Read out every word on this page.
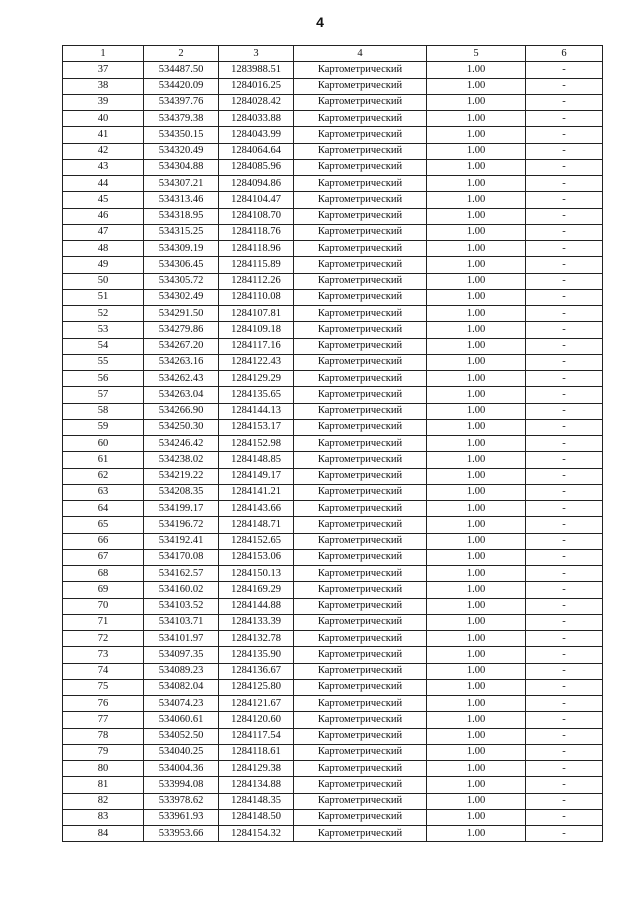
4
1	2	3	4	5	6
37	534487.50	1283988.51	Картометрический	1.00	-
38	534420.09	1284016.25	Картометрический	1.00	-
39	534397.76	1284028.42	Картометрический	1.00	-
40	534379.38	1284033.88	Картометрический	1.00	-
41	534350.15	1284043.99	Картометрический	1.00	-
42	534320.49	1284064.64	Картометрический	1.00	-
43	534304.88	1284085.96	Картометрический	1.00	-
44	534307.21	1284094.86	Картометрический	1.00	-
45	534313.46	1284104.47	Картометрический	1.00	-
46	534318.95	1284108.70	Картометрический	1.00	-
47	534315.25	1284118.76	Картометрический	1.00	-
48	534309.19	1284118.96	Картометрический	1.00	-
49	534306.45	1284115.89	Картометрический	1.00	-
50	534305.72	1284112.26	Картометрический	1.00	-
51	534302.49	1284110.08	Картометрический	1.00	-
52	534291.50	1284107.81	Картометрический	1.00	-
53	534279.86	1284109.18	Картометрический	1.00	-
54	534267.20	1284117.16	Картометрический	1.00	-
55	534263.16	1284122.43	Картометрический	1.00	-
56	534262.43	1284129.29	Картометрический	1.00	-
57	534263.04	1284135.65	Картометрический	1.00	-
58	534266.90	1284144.13	Картометрический	1.00	-
59	534250.30	1284153.17	Картометрический	1.00	-
60	534246.42	1284152.98	Картометрический	1.00	-
61	534238.02	1284148.85	Картометрический	1.00	-
62	534219.22	1284149.17	Картометрический	1.00	-
63	534208.35	1284141.21	Картометрический	1.00	-
64	534199.17	1284143.66	Картометрический	1.00	-
65	534196.72	1284148.71	Картометрический	1.00	-
66	534192.41	1284152.65	Картометрический	1.00	-
67	534170.08	1284153.06	Картометрический	1.00	-
68	534162.57	1284150.13	Картометрический	1.00	-
69	534160.02	1284169.29	Картометрический	1.00	-
70	534103.52	1284144.88	Картометрический	1.00	-
71	534103.71	1284133.39	Картометрический	1.00	-
72	534101.97	1284132.78	Картометрический	1.00	-
73	534097.35	1284135.90	Картометрический	1.00	-
74	534089.23	1284136.67	Картометрический	1.00	-
75	534082.04	1284125.80	Картометрический	1.00	-
76	534074.23	1284121.67	Картометрический	1.00	-
77	534060.61	1284120.60	Картометрический	1.00	-
78	534052.50	1284117.54	Картометрический	1.00	-
79	534040.25	1284118.61	Картометрический	1.00	-
80	534004.36	1284129.38	Картометрический	1.00	-
81	533994.08	1284134.88	Картометрический	1.00	-
82	533978.62	1284148.35	Картометрический	1.00	-
83	533961.93	1284148.50	Картометрический	1.00	-
84	533953.66	1284154.32	Картометрический	1.00	-
